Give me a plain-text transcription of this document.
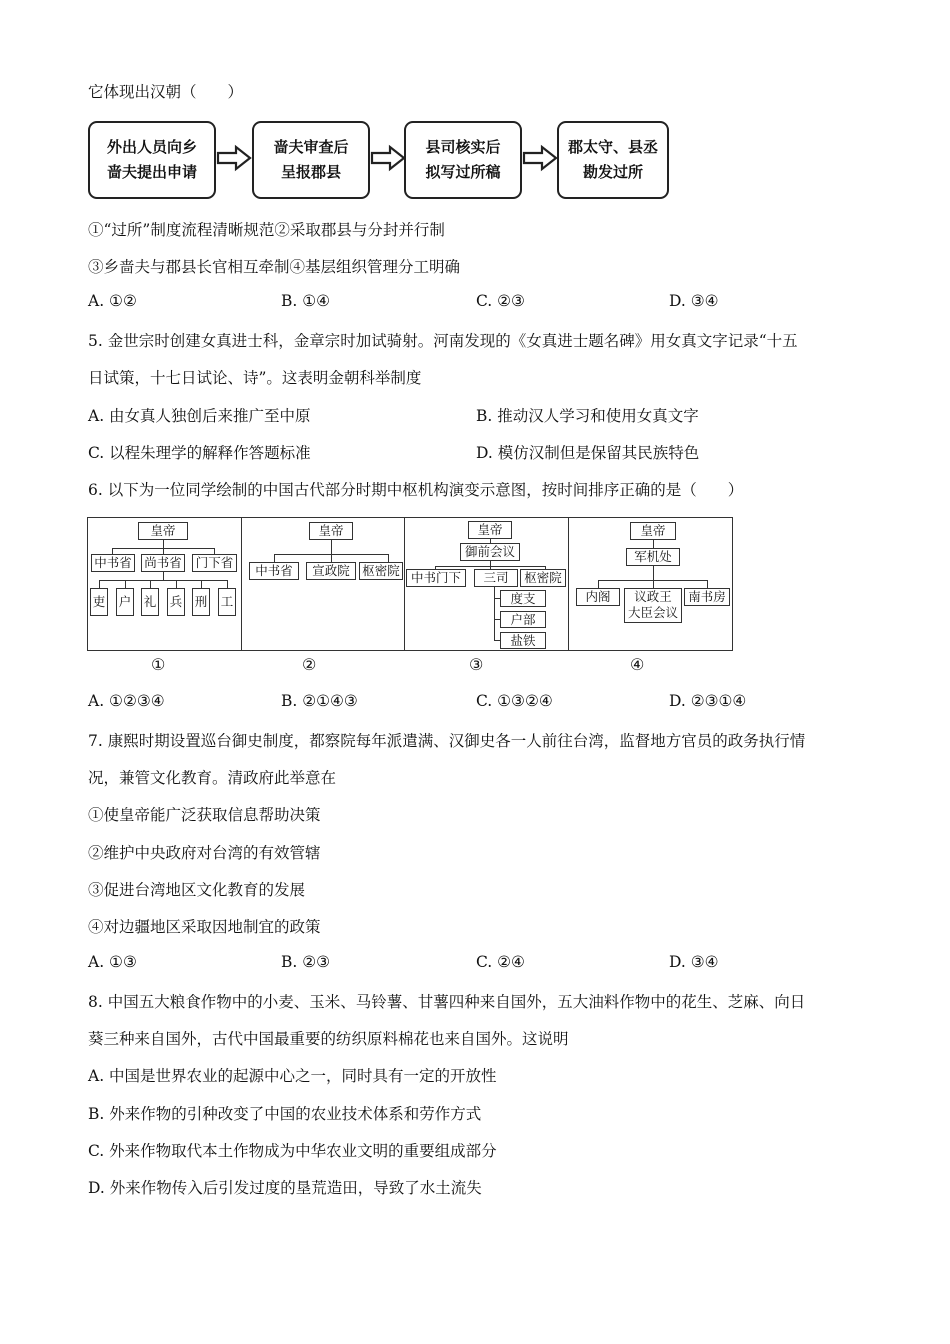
它体现出汉朝（　　）
外出人员向乡
啬夫提出申请
啬夫审查后
呈报郡县
县司核实后
拟写过所稿
郡太守、县丞
勘发过所
①“过所”制度流程清晰规范②采取郡县与分封并行制
③乡啬夫与郡县长官相互牵制④基层组织管理分工明确
A. ①②	B. ①④	C. ②③	D. ③④
5. 金世宗时创建女真进士科，金章宗时加试骑射。河南发现的《女真进士题名碑》用女真文字记录“十五
日试策，十七日试论、诗”。这表明金朝科举制度
A. 由女真人独创后来推广至中原	B. 推动汉人学习和使用女真文字
C. 以程朱理学的解释作答题标准	D. 模仿汉制但是保留其民族特色
6. 以下为一位同学绘制的中国古代部分时期中枢机构演变示意图，按时间排序正确的是（　　）
皇帝
中书省 尚书省 门下省
吏 户 礼 兵 刑 工
皇帝
中书省	宣政院 枢密院
皇帝
御前会议
中书门下	三司	枢密院
度支
户部
盐铁
皇帝
军机处
内阁	议政王
大臣会议
南书房
①	②	③	④
A. ①②③④	B. ②①④③	C. ①③②④	D. ②③①④
7. 康熙时期设置巡台御史制度，都察院每年派遣满、汉御史各一人前往台湾，监督地方官员的政务执行情
况，兼管文化教育。清政府此举意在
①使皇帝能广泛获取信息帮助决策
②维护中央政府对台湾的有效管辖
③促进台湾地区文化教育的发展
④对边疆地区采取因地制宜的政策
A. ①③	B. ②③	C. ②④	D. ③④
8. 中国五大粮食作物中的小麦、玉米、马铃薯、甘薯四种来自国外，五大油料作物中的花生、芝麻、向日
葵三种来自国外，古代中国最重要的纺织原料棉花也来自国外。这说明
A. 中国是世界农业的起源中心之一，同时具有一定的开放性
B. 外来作物的引种改变了中国的农业技术体系和劳作方式
C. 外来作物取代本土作物成为中华农业文明的重要组成部分
D. 外来作物传入后引发过度的垦荒造田，导致了水土流失
